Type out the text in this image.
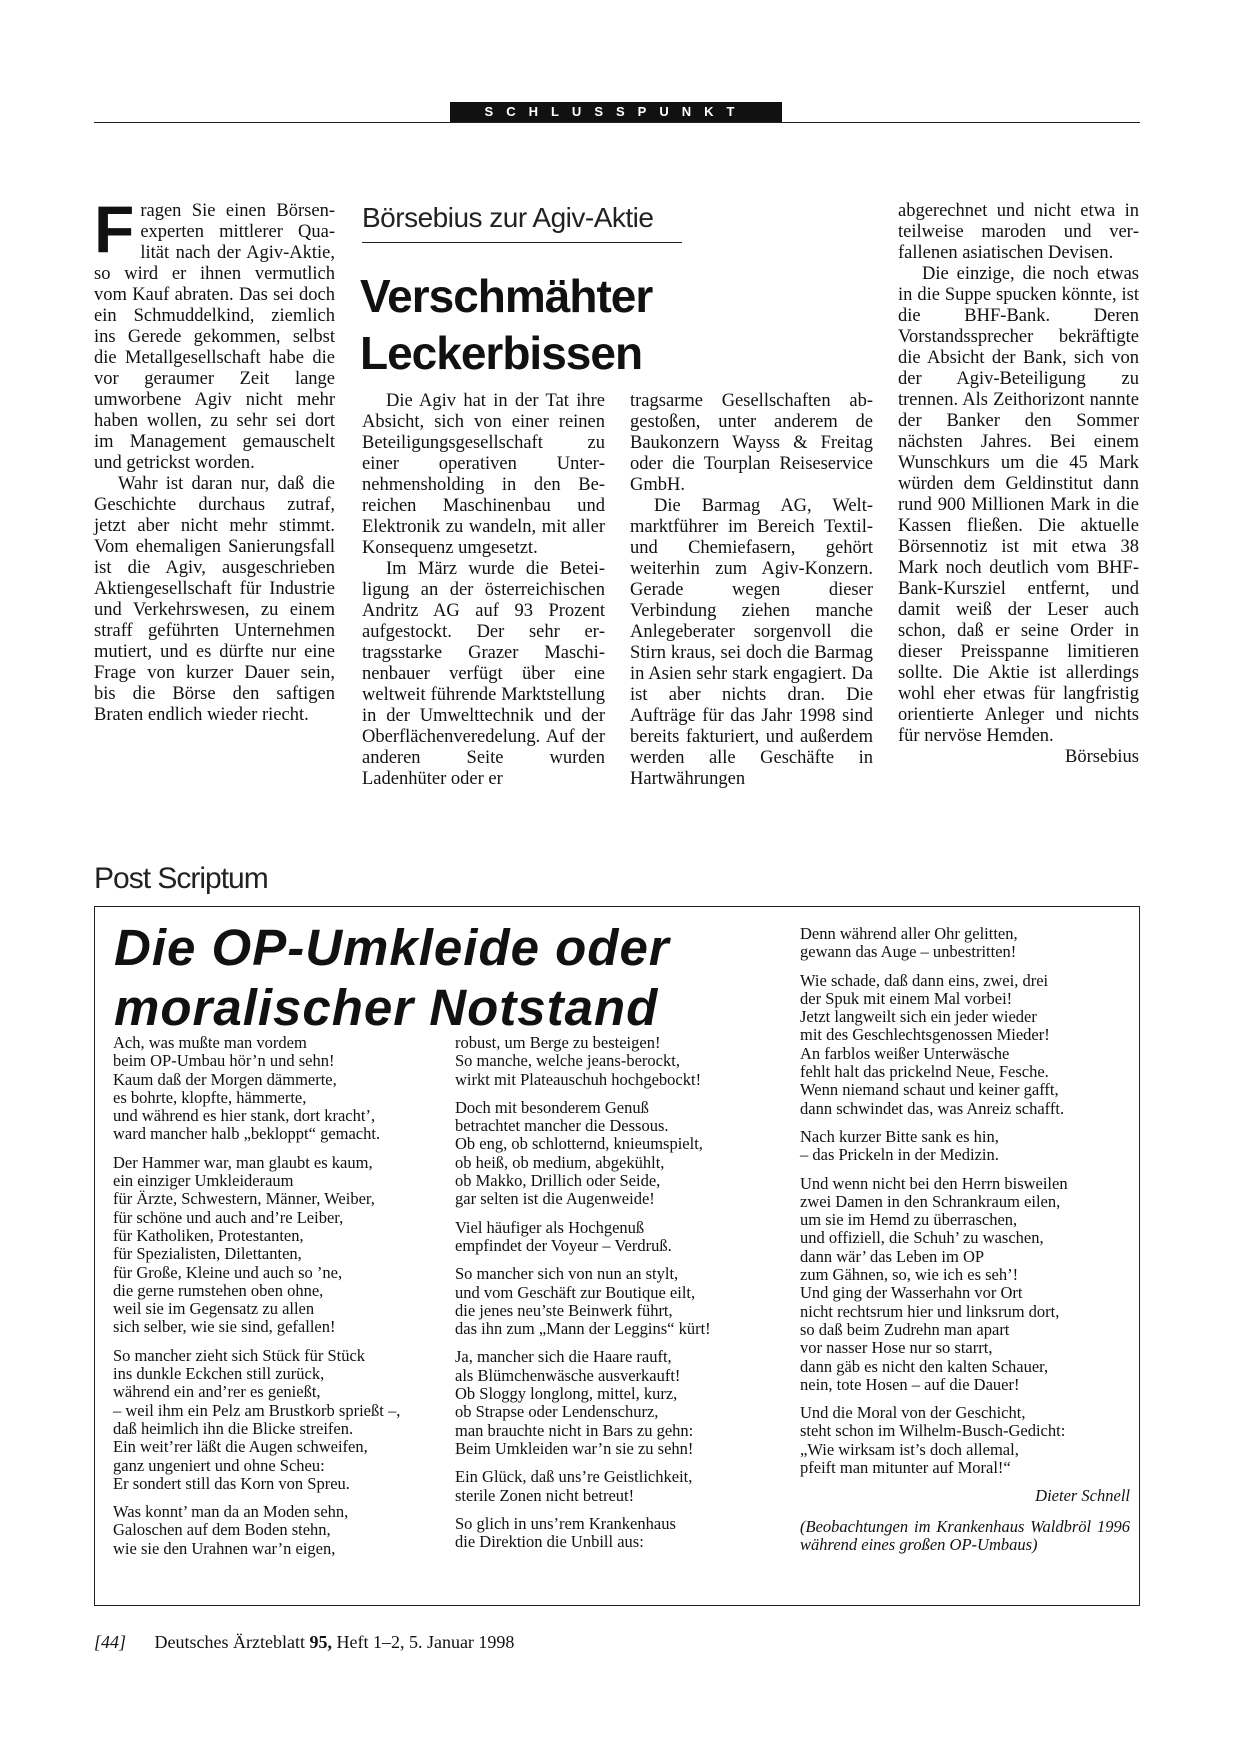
SCHLUSSPUNKT
Börsebius zur Agiv-Aktie
Verschmähter
Leckerbissen
F ragen Sie einen Börsenexperten mittlerer Qualität nach der Agiv-Aktie, so wird er ihnen vermutlich vom Kauf abraten. Das sei doch ein Schmuddelkind, ziemlich ins Gerede gekommen, selbst die Metallgesellschaft habe die vor geraumer Zeit lange umworbene Agiv nicht mehr haben wollen, zu sehr sei dort im Management gemauschelt und getrickst worden.

Wahr ist daran nur, daß die Geschichte durchaus zutraf, jetzt aber nicht mehr stimmt. Vom ehemaligen Sanierungsfall ist die Agiv, ausgeschrieben Aktiengesellschaft für Industrie und Verkehrswesen, zu einem straff geführten Unternehmen mutiert, und es dürfte nur eine Frage von kurzer Dauer sein, bis die Börse den saftigen Braten endlich wieder riecht.

Die Agiv hat in der Tat ihre Absicht, sich von einer reinen Beteiligungsgesellschaft zu einer operativen Unternehmensholding in den Bereichen Maschinenbau und Elektronik zu wandeln, mit aller Konsequenz umgesetzt.

Im März wurde die Beteiligung an der österreichischen Andritz AG auf 93 Prozent aufgestockt. Der sehr ertragsstarke Grazer Maschinenbauer verfügt über eine weltweit führende Marktstellung in der Umwelttechnik und der Oberflächenveredelung. Auf der anderen Seite wurden Ladenhüter oder er

tragsarme Gesellschaften abgestoßen, unter anderem de Baukonzern Wayss & Freitag oder die Tourplan Reiseservice GmbH.

Die Barmag AG, Weltmarktführer im Bereich Textil- und Chemiefasern, gehört weiterhin zum Agiv-Konzern. Gerade wegen dieser Verbindung ziehen manche Anlegeberater sorgenvoll die Stirn kraus, sei doch die Barmag in Asien sehr stark engagiert. Da ist aber nichts dran. Die Aufträge für das Jahr 1998 sind bereits fakturiert, und außerdem werden alle Geschäfte in Hartwährungen

abgerechnet und nicht etwa in teilweise maroden und verfallenen asiatischen Devisen.

Die einzige, die noch etwas in die Suppe spucken könnte, ist die BHF-Bank. Deren Vorstandssprecher bekräftigte die Absicht der Bank, sich von der Agiv-Beteiligung zu trennen. Als Zeithorizont nannte der Banker den Sommer nächsten Jahres. Bei einem Wunschkurs um die 45 Mark würden dem Geldinstitut dann rund 900 Millionen Mark in die Kassen fließen. Die aktuelle Börsennotiz ist mit etwa 38 Mark noch deutlich vom BHF-Bank-Kursziel entfernt, und damit weiß der Leser auch schon, daß er seine Order in dieser Preisspanne limitieren sollte. Die Aktie ist allerdings wohl eher etwas für langfristig orientierte Anleger und nichts für nervöse Hemden.
Börsebius

Post Scriptum
Die OP-Umkleide oder
moralischer Notstand
Ach, was mußte man vordem
beim OP-Umbau hör’n und sehn!
Kaum daß der Morgen dämmerte,
es bohrte, klopfte, hämmerte,
und während es hier stank, dort kracht’,
ward mancher halb „bekloppt“ gemacht.
Der Hammer war, man glaubt es kaum,
ein einziger Umkleideraum
für Ärzte, Schwestern, Männer, Weiber,
für schöne und auch and’re Leiber,
für Katholiken, Protestanten,
für Spezialisten, Dilettanten,
für Große, Kleine und auch so ’ne,
die gerne rumstehen oben ohne,
weil sie im Gegensatz zu allen
sich selber, wie sie sind, gefallen!
So mancher zieht sich Stück für Stück
ins dunkle Eckchen still zurück,
während ein and’rer es genießt,
– weil ihm ein Pelz am Brustkorb sprießt –,
daß heimlich ihn die Blicke streifen.
Ein weit’rer läßt die Augen schweifen,
ganz ungeniert und ohne Scheu:
Er sondert still das Korn von Spreu.
Was konnt’ man da an Moden sehn,
Galoschen auf dem Boden stehn,
wie sie den Urahnen war’n eigen,
robust, um Berge zu besteigen!
So manche, welche jeans-berockt,
wirkt mit Plateauschuh hochgebockt!
Doch mit besonderem Genuß
betrachtet mancher die Dessous.
Ob eng, ob schlotternd, knieumspielt,
ob heiß, ob medium, abgekühlt,
ob Makko, Drillich oder Seide,
gar selten ist die Augenweide!
Viel häufiger als Hochgenuß
empfindet der Voyeur – Verdruß.
So mancher sich von nun an stylt,
und vom Geschäft zur Boutique eilt,
die jenes neu’ste Beinwerk führt,
das ihn zum „Mann der Leggins“ kürt!
Ja, mancher sich die Haare rauft,
als Blümchenwäsche ausverkauft!
Ob Sloggy longlong, mittel, kurz,
ob Strapse oder Lendenschurz,
man brauchte nicht in Bars zu gehn:
Beim Umkleiden war’n sie zu sehn!
Ein Glück, daß uns’re Geistlichkeit,
sterile Zonen nicht betreut!
So glich in uns’rem Krankenhaus
die Direktion die Unbill aus:
Denn während aller Ohr gelitten,
gewann das Auge – unbestritten!
Wie schade, daß dann eins, zwei, drei
der Spuk mit einem Mal vorbei!
Jetzt langweilt sich ein jeder wieder
mit des Geschlechtsgenossen Mieder!
An farblos weißer Unterwäsche
fehlt halt das prickelnd Neue, Fesche.
Wenn niemand schaut und keiner gafft,
dann schwindet das, was Anreiz schafft.
Nach kurzer Bitte sank es hin,
– das Prickeln in der Medizin.
Und wenn nicht bei den Herrn bisweilen
zwei Damen in den Schrankraum eilen,
um sie im Hemd zu überraschen,
und offiziell, die Schuh’ zu waschen,
dann wär’ das Leben im OP
zum Gähnen, so, wie ich es seh’!
Und ging der Wasserhahn vor Ort
nicht rechtsrum hier und linksrum dort,
so daß beim Zudrehn man apart
vor nasser Hose nur so starrt,
dann gäb es nicht den kalten Schauer,
nein, tote Hosen – auf die Dauer!
Und die Moral von der Geschicht,
steht schon im Wilhelm-Busch-Gedicht:
„Wie wirksam ist’s doch allemal,
pfeift man mitunter auf Moral!“
Dieter Schnell
(Beobachtungen im Krankenhaus Waldbröl 1996 während eines großen OP-Umbaus)
[44] Deutsches Ärzteblatt 95, Heft 1–2, 5. Januar 1998
